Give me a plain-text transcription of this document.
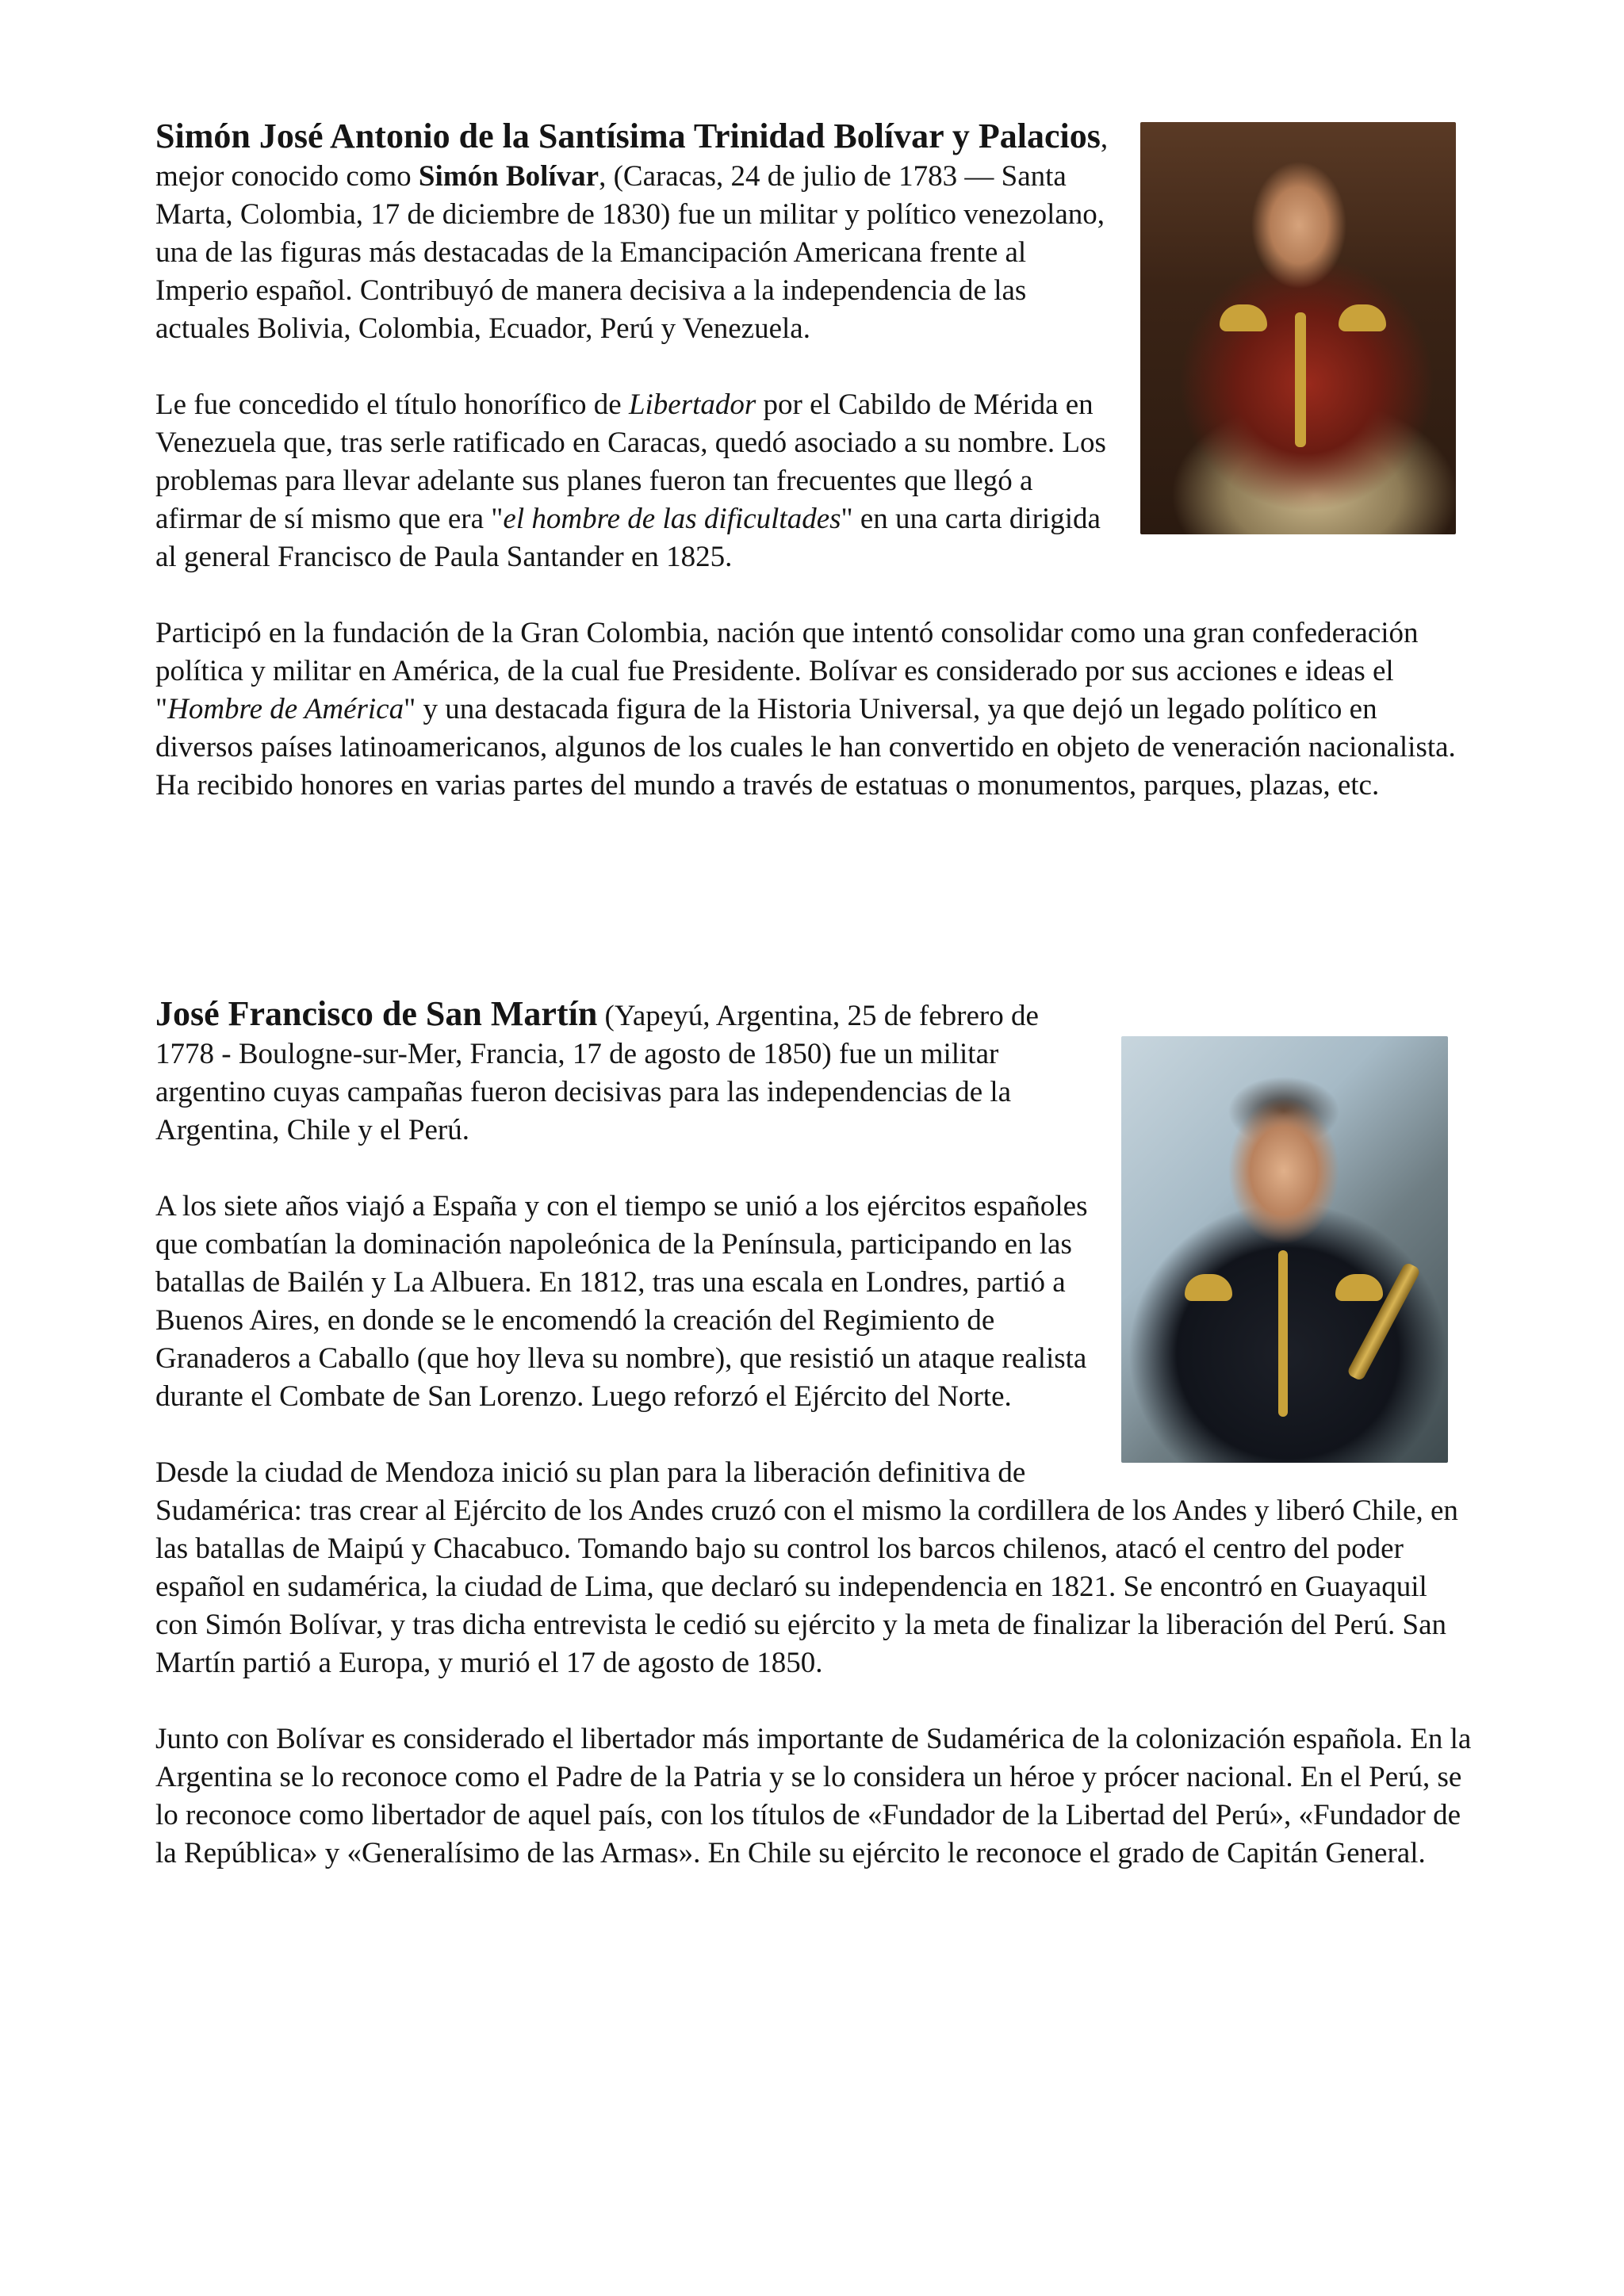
Simón José Antonio de la Santísima Trinidad Bolívar y Palacios, mejor conocido como Simón Bolívar, (Caracas, 24 de julio de 1783 — Santa Marta, Colombia, 17 de diciembre de 1830) fue un militar y político venezolano, una de las figuras más destacadas de la Emancipación Americana frente al Imperio español. Contribuyó de manera decisiva a la independencia de las actuales Bolivia, Colombia, Ecuador, Perú y Venezuela.

Le fue concedido el título honorífico de Libertador por el Cabildo de Mérida en Venezuela que, tras serle ratificado en Caracas, quedó asociado a su nombre. Los problemas para llevar adelante sus planes fueron tan frecuentes que llegó a afirmar de sí mismo que era "el hombre de las dificultades" en una carta dirigida al general Francisco de Paula Santander en 1825.

Participó en la fundación de la Gran Colombia, nación que intentó consolidar como una gran confederación política y militar en América, de la cual fue Presidente. Bolívar es considerado por sus acciones e ideas el "Hombre de América" y una destacada figura de la Historia Universal, ya que dejó un legado político en diversos países latinoamericanos, algunos de los cuales le han convertido en objeto de veneración nacionalista. Ha recibido honores en varias partes del mundo a través de estatuas o monumentos, parques, plazas, etc.

José Francisco de San Martín (Yapeyú, Argentina, 25 de febrero de 1778 - Boulogne-sur-Mer, Francia, 17 de agosto de 1850) fue un militar argentino cuyas campañas fueron decisivas para las independencias de la Argentina, Chile y el Perú.

A los siete años viajó a España y con el tiempo se unió a los ejércitos españoles que combatían la dominación napoleónica de la Península, participando en las batallas de Bailén y La Albuera. En 1812, tras una escala en Londres, partió a Buenos Aires, en donde se le encomendó la creación del Regimiento de Granaderos a Caballo (que hoy lleva su nombre), que resistió un ataque realista durante el Combate de San Lorenzo. Luego reforzó el Ejército del Norte.

Desde la ciudad de Mendoza inició su plan para la liberación definitiva de Sudamérica: tras crear al Ejército de los Andes cruzó con el mismo la cordillera de los Andes y liberó Chile, en las batallas de Maipú y Chacabuco. Tomando bajo su control los barcos chilenos, atacó el centro del poder español en sudamérica, la ciudad de Lima, que declaró su independencia en 1821. Se encontró en Guayaquil con Simón Bolívar, y tras dicha entrevista le cedió su ejército y la meta de finalizar la liberación del Perú. San Martín partió a Europa, y murió el 17 de agosto de 1850.

Junto con Bolívar es considerado el libertador más importante de Sudamérica de la colonización española. En la Argentina se lo reconoce como el Padre de la Patria y se lo considera un héroe y prócer nacional. En el Perú, se lo reconoce como libertador de aquel país, con los títulos de «Fundador de la Libertad del Perú», «Fundador de la República» y «Generalísimo de las Armas». En Chile su ejército le reconoce el grado de Capitán General.
